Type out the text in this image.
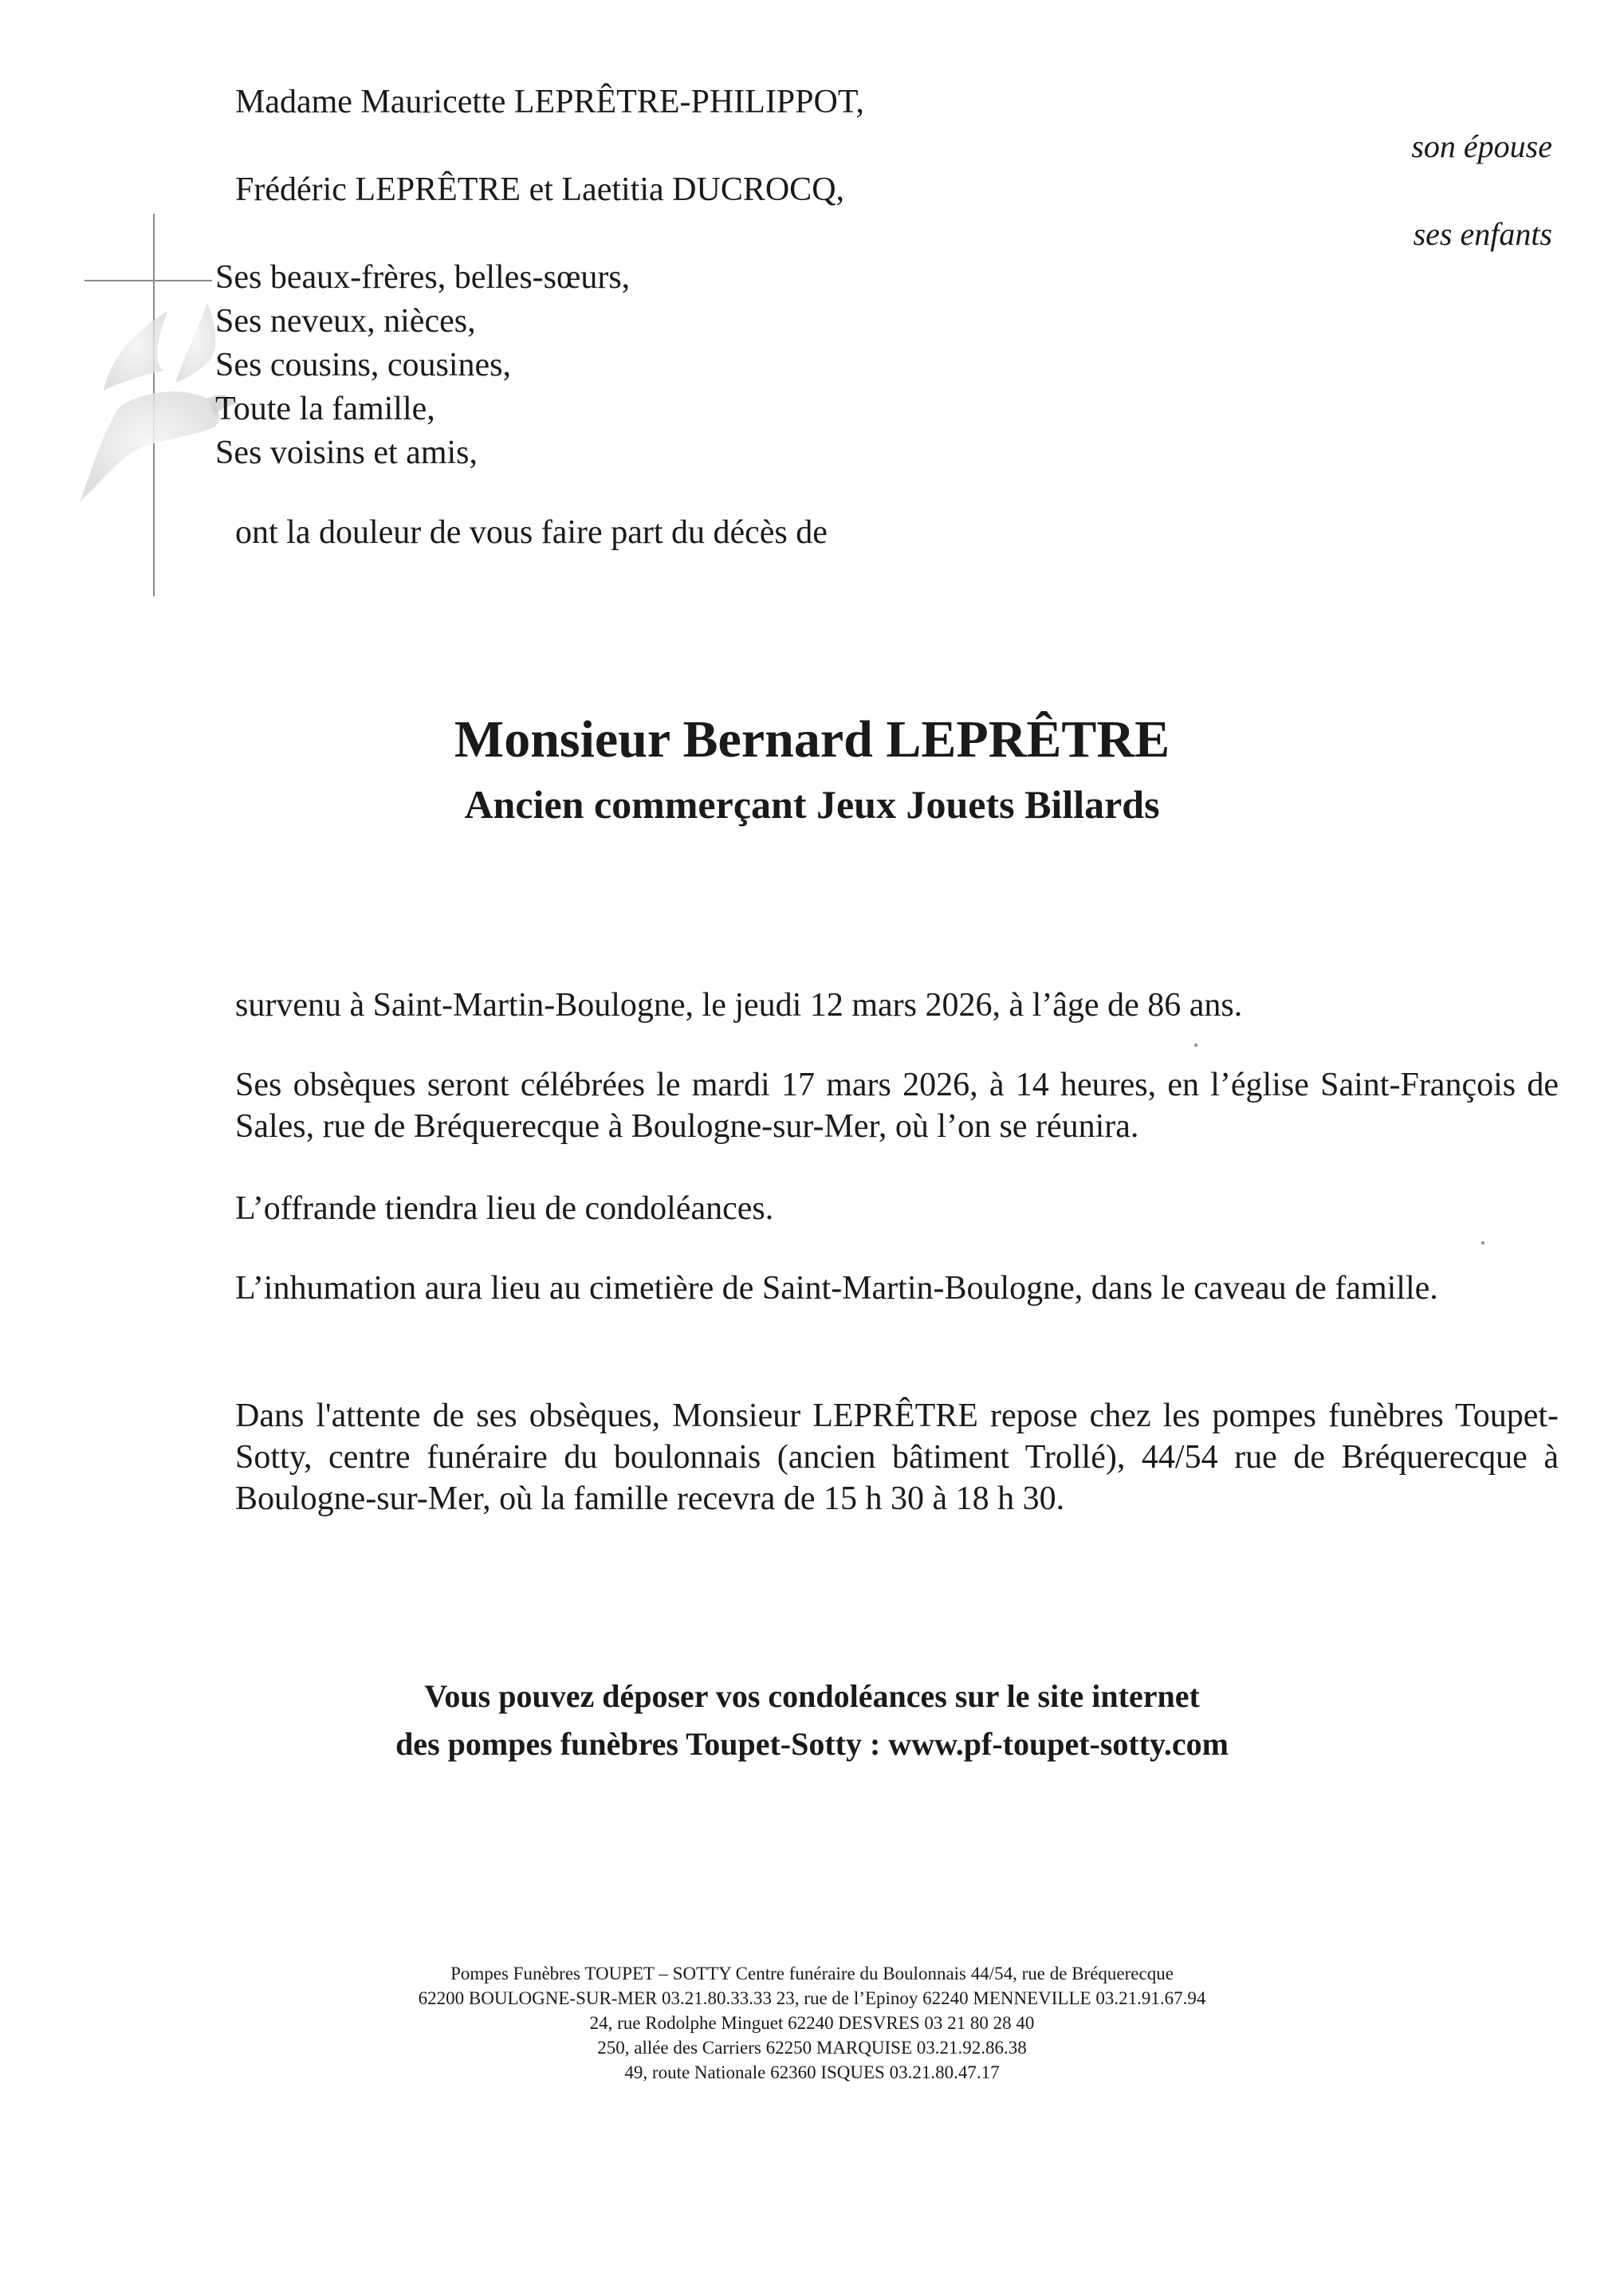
Madame Mauricette LEPRÊTRE-PHILIPPOT,
Frédéric LEPRÊTRE et Laetitia DUCROCQ,
Ses beaux-frères, belles-sœurs,
Ses neveux, nièces,
Ses cousins, cousines,
Toute la famille,
Ses voisins et amis,
son épouse
ses enfants
ont la douleur de vous faire part du décès de
Monsieur Bernard LEPRÊTRE
Ancien commerçant Jeux Jouets Billards
survenu à Saint-Martin-Boulogne, le jeudi 12 mars 2026, à l’âge de 86 ans.
Ses obsèques seront célébrées le mardi 17 mars 2026, à 14 heures, en l’église Saint-François de Sales, rue de Bréquerecque à Boulogne-sur-Mer, où l’on se réunira.
L’offrande tiendra lieu de condoléances.
L’inhumation aura lieu au cimetière de Saint-Martin-Boulogne, dans le caveau de famille.
Dans l'attente de ses obsèques, Monsieur LEPRÊTRE repose chez les pompes funèbres Toupet-Sotty, centre funéraire du boulonnais (ancien bâtiment Trollé), 44/54 rue de Bréquerecque à Boulogne-sur-Mer, où la famille recevra de 15 h 30 à 18 h 30.
Vous pouvez déposer vos condoléances sur le site internet
des pompes funèbres Toupet-Sotty : www.pf-toupet-sotty.com
Pompes Funèbres TOUPET – SOTTY Centre funéraire du Boulonnais 44/54, rue de Bréquerecque
62200 BOULOGNE-SUR-MER 03.21.80.33.33 23, rue de l’Epinoy 62240 MENNEVILLE 03.21.91.67.94
24, rue Rodolphe Minguet 62240 DESVRES 03 21 80 28 40
250, allée des Carriers 62250 MARQUISE 03.21.92.86.38
49, route Nationale 62360 ISQUES 03.21.80.47.17
